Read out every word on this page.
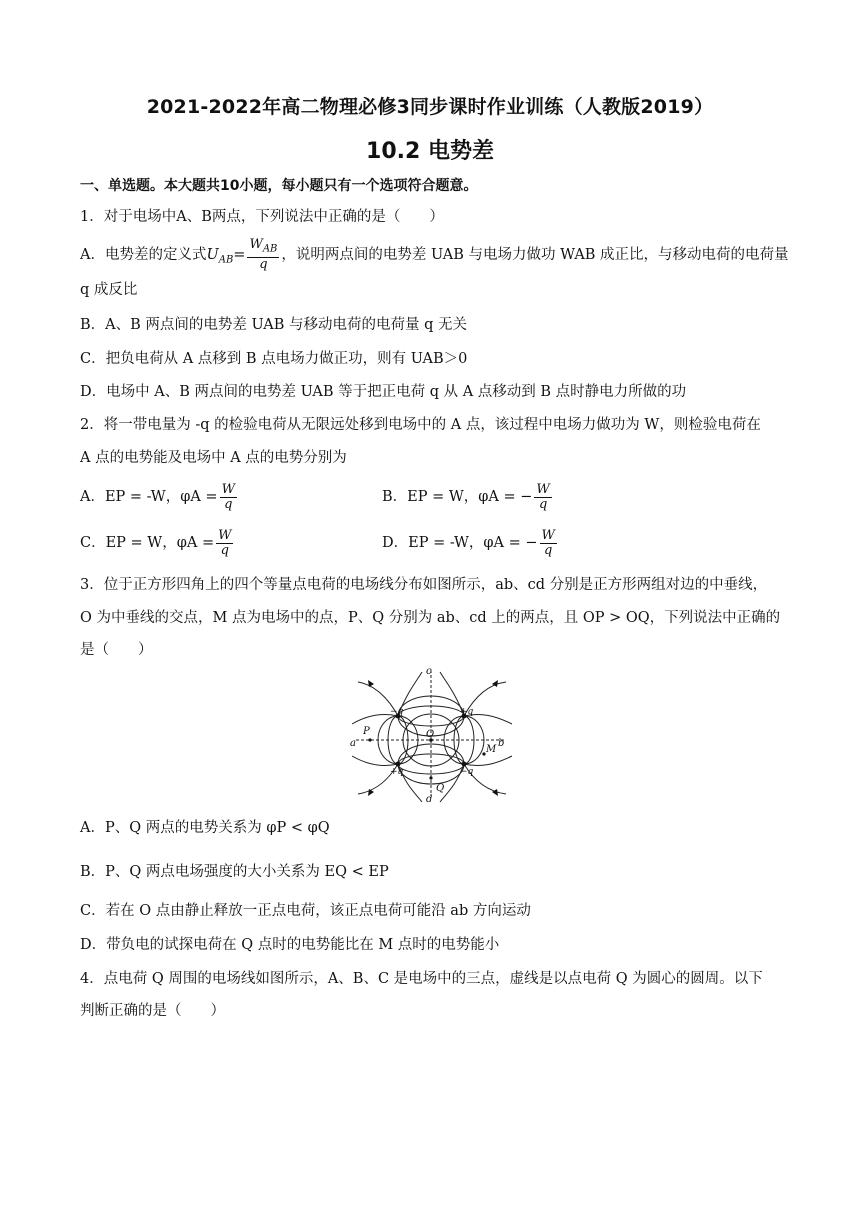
2021-2022年高二物理必修3同步课时作业训练（人教版2019）
10.2 电势差
一、单选题。本大题共10小题，每小题只有一个选项符合题意。
1．对于电场中A、B两点，下列说法中正确的是（　　）
A．电势差的定义式$U_{AB}= \frac{W_{AB}}{q}$ ，说明两点间的电势差 UAB 与电场力做功 WAB 成正比，与移动电荷的电荷量
q 成反比
B．A、B 两点间的电势差 UAB 与移动电荷的电荷量 q 无关
C．把负电荷从 A 点移到 B 点电场力做正功，则有 UAB＞0
D．电场中 A、B 两点间的电势差 UAB 等于把正电荷 q 从 A 点移动到 B 点时静电力所做的功
2．将一带电量为 -q 的检验电荷从无限远处移到电场中的 A 点，该过程中电场力做功为 W，则检验电荷在
A 点的电势能及电场中 A 点的电势分别为
A．EP = -W，$\varphi A = \frac{W}{q}$	B．EP = W，φA = − $\frac{W}{q}$
C．EP = W，$\varphi A = \frac{W}{q}$	D．EP = -W，φA = − $\frac{W}{q}$
3．位于正方形四角上的四个等量点电荷的电场线分布如图所示，ab、cd 分别是正方形两组对边的中垂线，
O 为中垂线的交点，M 点为电场中的点，P、Q 分别为 ab、cd 上的两点，且 OP > OQ，下列说法中正确的
是（　　）
c
d
a	b
P	O
Q
M
−q	+q
+q	−q
A．P、Q 两点的电势关系为 φP < φQ
B．P、Q 两点电场强度的大小关系为 EQ < EP
C．若在 O 点由静止释放一正点电荷，该正点电荷可能沿 ab 方向运动
D．带负电的试探电荷在 Q 点时的电势能比在 M 点时的电势能小
4．点电荷 Q 周围的电场线如图所示，A、B、C 是电场中的三点，虚线是以点电荷 Q 为圆心的圆周。以下
判断正确的是（　　）
